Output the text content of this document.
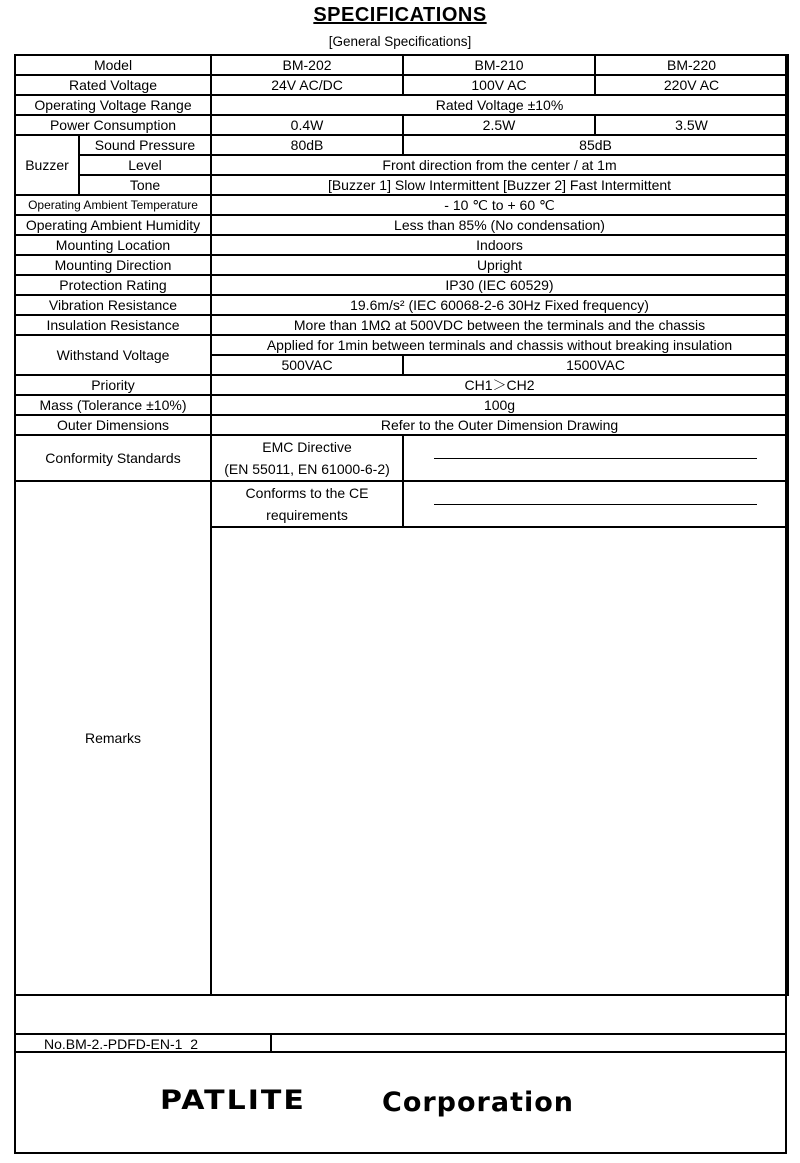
SPECIFICATIONS
[General Specifications]
Model		BM-202	BM-210	BM-220
Rated Voltage		24V AC/DC	100V AC	220V AC
Operating Voltage Range		Rated Voltage ±10%		
Power Consumption		0.4W	2.5W	3.5W
Buzzer	Sound Pressure	80dB	85dB	
	Level	Front direction from the center / at 1m		
	Tone	[Buzzer 1] Slow Intermittent [Buzzer 2] Fast Intermittent		
Operating Ambient Temperature		- 10 ℃ to + 60 ℃		
Operating Ambient Humidity		Less than 85% (No condensation)		
Mounting Location		Indoors		
Mounting Direction		Upright		
Protection Rating		IP30 (IEC 60529)		
Vibration Resistance		19.6m/s² (IEC 60068-2-6 30Hz Fixed frequency)		
Insulation Resistance		More than 1MΩ at 500VDC between the terminals and the chassis		
Withstand Voltage		Applied for 1min between terminals and chassis without breaking insulation		
		500VAC	1500VAC	
Priority		CH1＞CH2		
Mass (Tolerance ±10%)		100g		
Outer Dimensions		Refer to the Outer Dimension Drawing		
Conformity Standards		EMC Directive
(EN 55011, EN 61000-6-2)		

Remarks		Conforms to the CE
requirements		

No.BM-2.-PDFD-EN-1_2
PATLITE	Corporation
